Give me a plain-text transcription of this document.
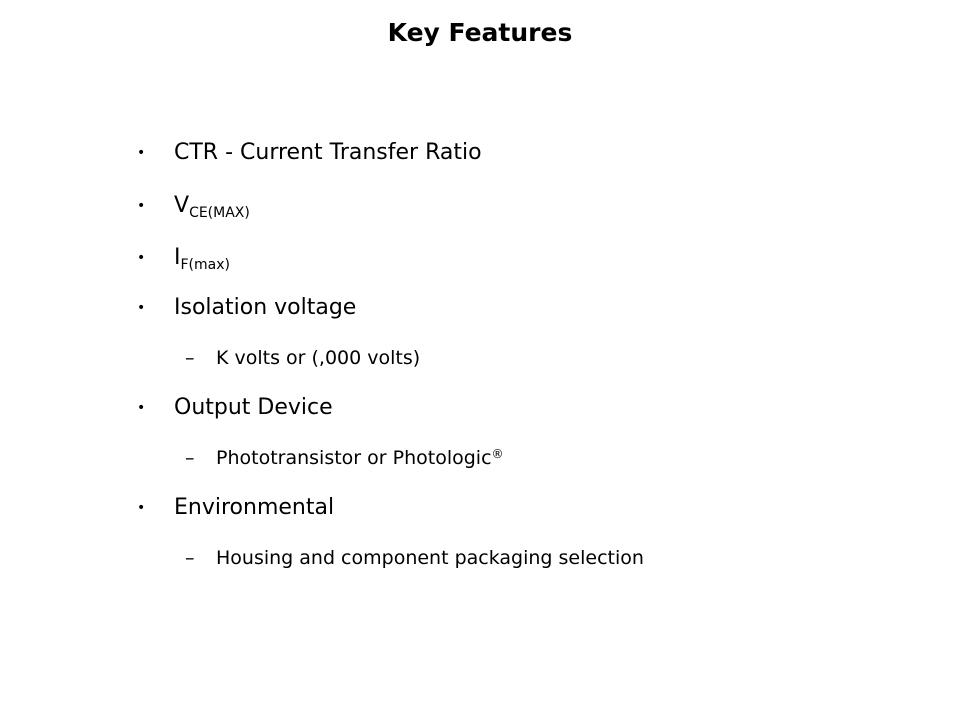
Key Features
• CTR - Current Transfer Ratio
• $V_{CE(MAX)}$
• $I_{F(max)}$
• Isolation voltage
– K volts or (,000 volts)
• Output Device
– Phototransistor or Photologic®
• Environmental
– Housing and component packaging selection
